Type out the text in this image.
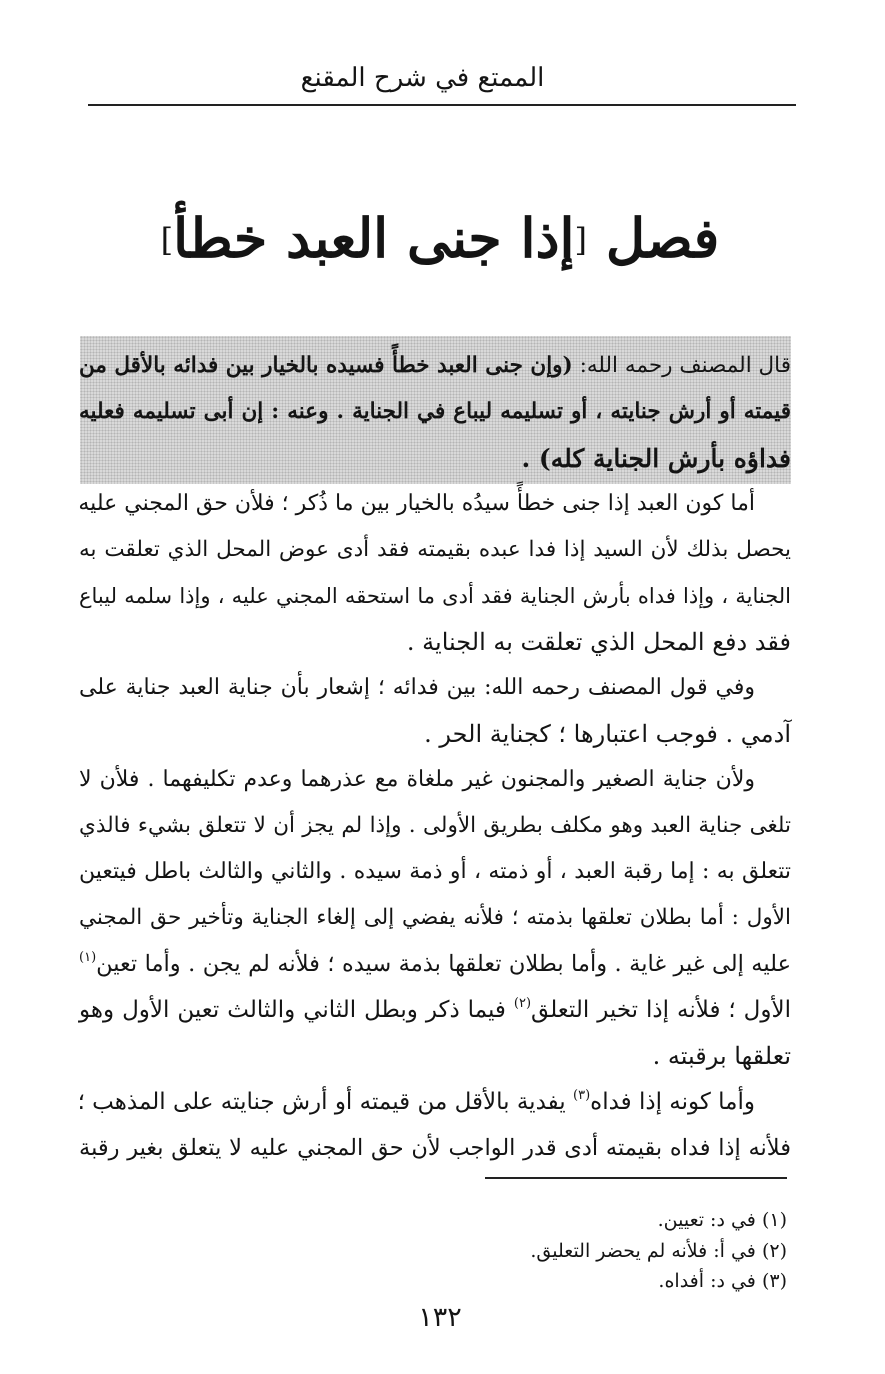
الممتع في شرح المقنع
فصل [إذا جنى العبد خطأ]
قال المصنف رحمه الله: (وإن جنى العبد خطأً فسيده بالخيار بين فدائه بالأقل من
قيمته أو أرش جنايته ، أو تسليمه ليباع في الجناية . وعنه : إن أبى تسليمه فعليه
فداؤه بأرش الجناية كله) .
أما كون العبد إذا جنى خطأً سيدُه بالخيار بين ما ذُكر ؛ فلأن حق المجني عليه
يحصل بذلك لأن السيد إذا فدا عبده بقيمته فقد أدى عوض المحل الذي تعلقت به
الجناية ، وإذا فداه بأرش الجناية فقد أدى ما استحقه المجني عليه ، وإذا سلمه ليباع
فقد دفع المحل الذي تعلقت به الجناية .
وفي قول المصنف رحمه الله: بين فدائه ؛ إشعار بأن جناية العبد جناية على
آدمي . فوجب اعتبارها ؛ كجناية الحر .
ولأن جناية الصغير والمجنون غير ملغاة مع عذرهما وعدم تكليفهما . فلأن لا
تلغى جناية العبد وهو مكلف بطريق الأولى . وإذا لم يجز أن لا تتعلق بشيء فالذي
تتعلق به : إما رقبة العبد ، أو ذمته ، أو ذمة سيده . والثاني والثالث باطل فيتعين
الأول : أما بطلان تعلقها بذمته ؛ فلأنه يفضي إلى إلغاء الجناية وتأخير حق المجني
عليه إلى غير غاية . وأما بطلان تعلقها بذمة سيده ؛ فلأنه لم يجن . وأما تعين$^{(١)}$
الأول ؛ فلأنه إذا تخير التعلق$^{(٢)}$ فيما ذكر وبطل الثاني والثالث تعين الأول وهو
تعلقها برقبته .
وأما كونه إذا فداه$^{(٣)}$ يفدية بالأقل من قيمته أو أرش جنايته على المذهب ؛
فلأنه إذا فداه بقيمته أدى قدر الواجب لأن حق المجني عليه لا يتعلق بغير رقبة
(١) في د: تعيين.
(٢) في أ: فلأنه لم يحضر التعليق.
(٣) في د: أفداه.
١٣٢
